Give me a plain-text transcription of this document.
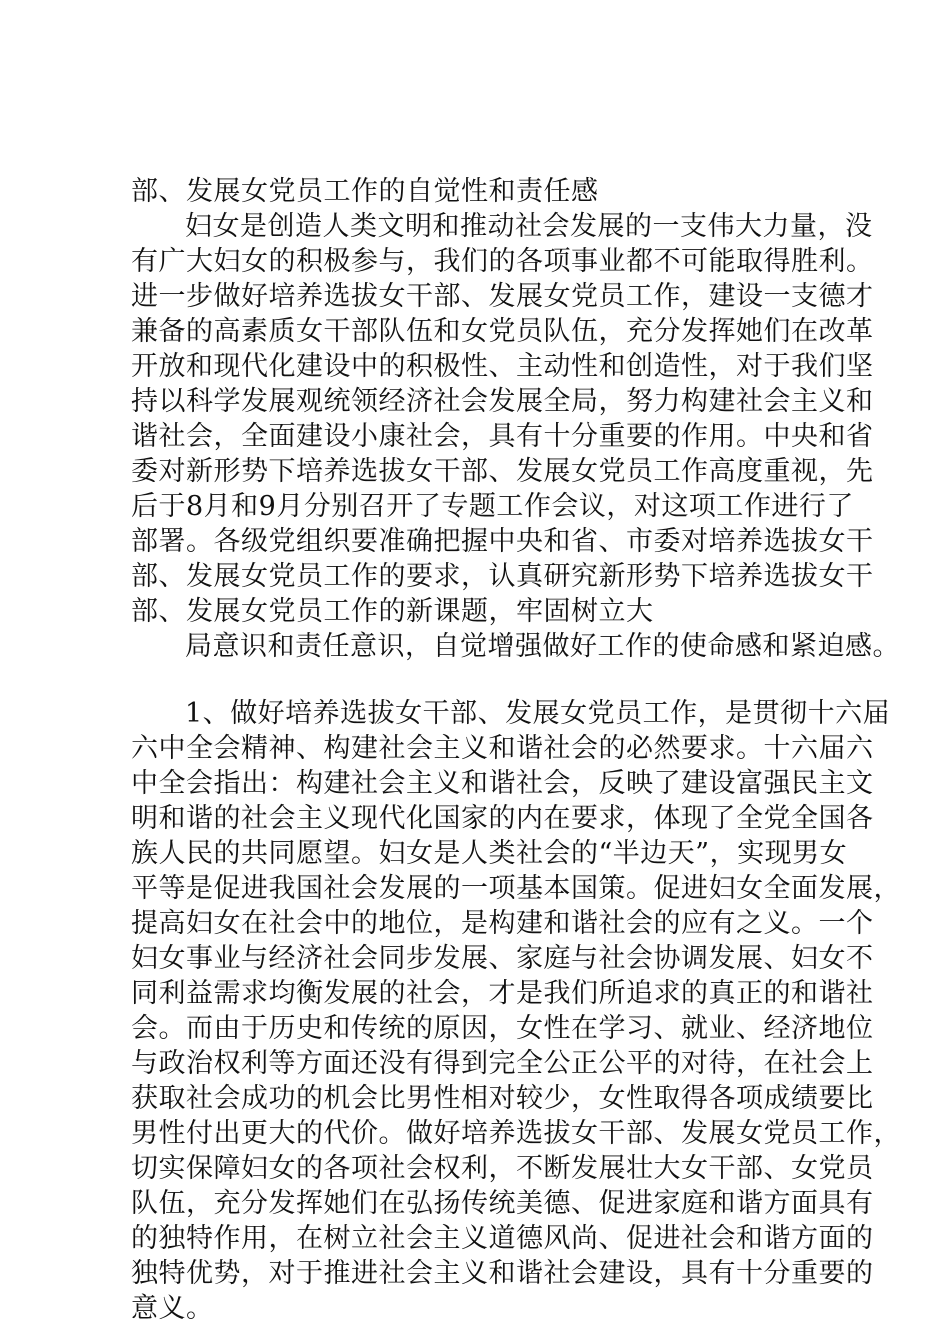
部、发展女党员工作的自觉性和责任感
妇女是创造人类文明和推动社会发展的一支伟大力量，没
有广大妇女的积极参与，我们的各项事业都不可能取得胜利。
进一步做好培养选拔女干部、发展女党员工作，建设一支德才
兼备的高素质女干部队伍和女党员队伍，充分发挥她们在改革
开放和现代化建设中的积极性、主动性和创造性，对于我们坚
持以科学发展观统领经济社会发展全局，努力构建社会主义和
谐社会，全面建设小康社会，具有十分重要的作用。中央和省
委对新形势下培养选拔女干部、发展女党员工作高度重视，先
后于8月和9月分别召开了专题工作会议，对这项工作进行了
部署。各级党组织要准确把握中央和省、市委对培养选拔女干
部、发展女党员工作的要求，认真研究新形势下培养选拔女干
部、发展女党员工作的新课题，牢固树立大
局意识和责任意识，自觉增强做好工作的使命感和紧迫感。
1、做好培养选拔女干部、发展女党员工作，是贯彻十六届
六中全会精神、构建社会主义和谐社会的必然要求。十六届六
中全会指出：构建社会主义和谐社会，反映了建设富强民主文
明和谐的社会主义现代化国家的内在要求，体现了全党全国各
族人民的共同愿望。妇女是人类社会的“半边天”，实现男女
平等是促进我国社会发展的一项基本国策。促进妇女全面发展，
提高妇女在社会中的地位，是构建和谐社会的应有之义。一个
妇女事业与经济社会同步发展、家庭与社会协调发展、妇女不
同利益需求均衡发展的社会，才是我们所追求的真正的和谐社
会。而由于历史和传统的原因，女性在学习、就业、经济地位
与政治权利等方面还没有得到完全公正公平的对待，在社会上
获取社会成功的机会比男性相对较少，女性取得各项成绩要比
男性付出更大的代价。做好培养选拔女干部、发展女党员工作，
切实保障妇女的各项社会权利，不断发展壮大女干部、女党员
队伍，充分发挥她们在弘扬传统美德、促进家庭和谐方面具有
的独特作用，在树立社会主义道德风尚、促进社会和谐方面的
独特优势，对于推进社会主义和谐社会建设，具有十分重要的
意义。
